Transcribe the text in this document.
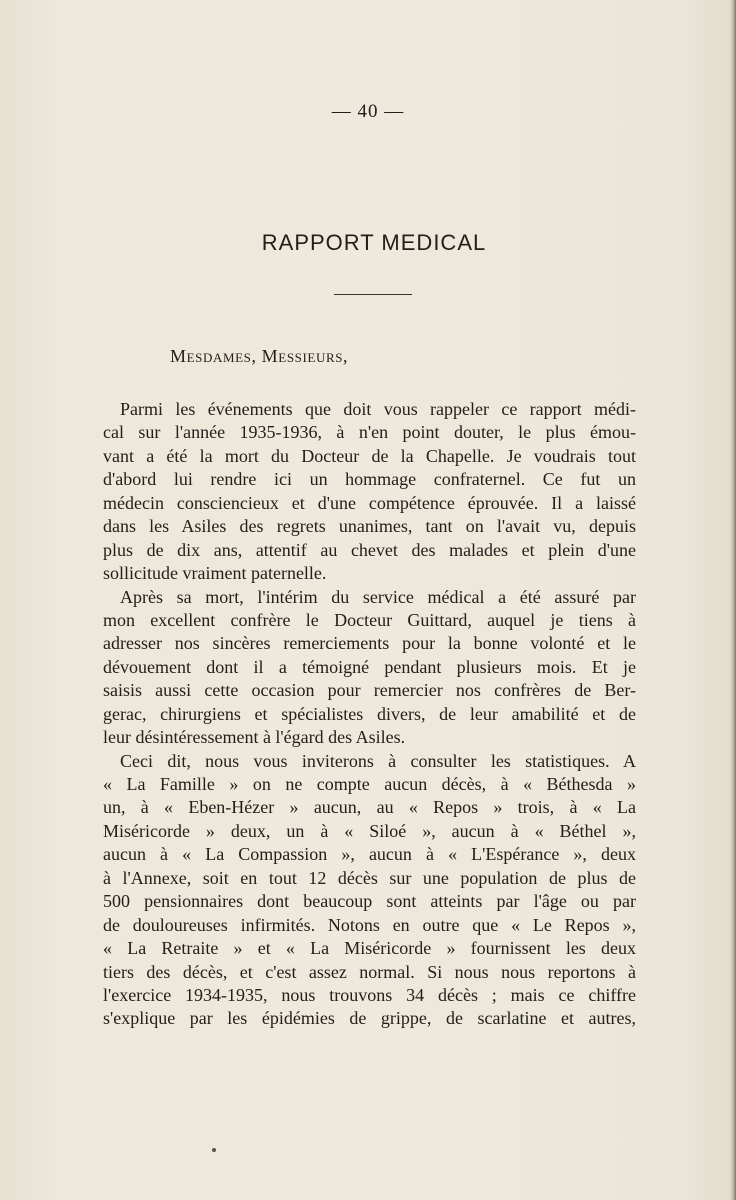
— 40 —
RAPPORT MEDICAL
Mesdames, Messieurs,
Parmi les événements que doit vous rappeler ce rapport médi-
cal sur l'année 1935-1936, à n'en point douter, le plus émou-
vant a été la mort du Docteur de la Chapelle. Je voudrais tout
d'abord lui rendre ici un hommage confraternel. Ce fut un
médecin consciencieux et d'une compétence éprouvée. Il a laissé
dans les Asiles des regrets unanimes, tant on l'avait vu, depuis
plus de dix ans, attentif au chevet des malades et plein d'une
sollicitude vraiment paternelle.
Après sa mort, l'intérim du service médical a été assuré par
mon excellent confrère le Docteur Guittard, auquel je tiens à
adresser nos sincères remerciements pour la bonne volonté et le
dévouement dont il a témoigné pendant plusieurs mois. Et je
saisis aussi cette occasion pour remercier nos confrères de Ber-
gerac, chirurgiens et spécialistes divers, de leur amabilité et de
leur désintéressement à l'égard des Asiles.
Ceci dit, nous vous inviterons à consulter les statistiques. A
« La Famille » on ne compte aucun décès, à « Béthesda »
un, à « Eben-Hézer » aucun, au « Repos » trois, à « La
Miséricorde » deux, un à « Siloé », aucun à « Béthel »,
aucun à « La Compassion », aucun à « L'Espérance », deux
à l'Annexe, soit en tout 12 décès sur une population de plus de
500 pensionnaires dont beaucoup sont atteints par l'âge ou par
de douloureuses infirmités. Notons en outre que « Le Repos »,
« La Retraite » et « La Miséricorde » fournissent les deux
tiers des décès, et c'est assez normal. Si nous nous reportons à
l'exercice 1934-1935, nous trouvons 34 décès ; mais ce chiffre
s'explique par les épidémies de grippe, de scarlatine et autres,
